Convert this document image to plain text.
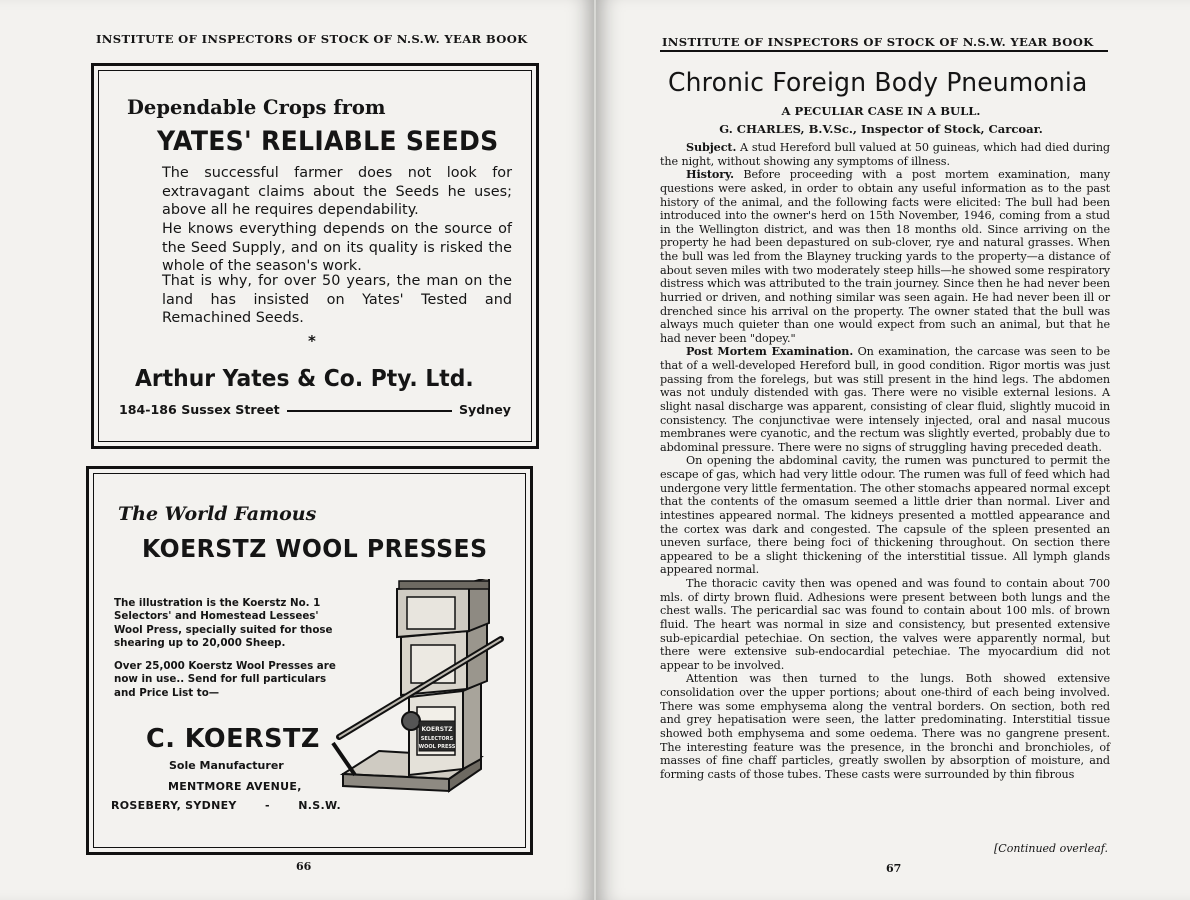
INSTITUTE OF INSPECTORS OF STOCK OF N.S.W. YEAR BOOK
Dependable Crops from
YATES' RELIABLE SEEDS
The successful farmer does not look for extravagant claims about the Seeds he uses; above all he requires dependability.
He knows everything depends on the source of the Seed Supply, and on its quality is risked the whole of the season's work.
That is why, for over 50 years, the man on the land has insisted on Yates' Tested and Remachined Seeds.
*
Arthur Yates & Co. Pty. Ltd.
184-186 Sussex Street	Sydney
The World Famous
KOERSTZ WOOL PRESSES
The illustration is the Koerstz No. 1 Selectors' and Homestead Lessees' Wool Press, specially suited for those shearing up to 20,000 Sheep.
Over 25,000 Koerstz Wool Presses are now in use.. Send for full particulars and Price List to—
C. KOERSTZ
Sole Manufacturer
MENTMORE AVENUE,
ROSEBERY, SYDNEY	-	N.S.W.
KOERSTZ
SELECTORS
WOOL PRESS
66
INSTITUTE OF INSPECTORS OF STOCK OF N.S.W. YEAR BOOK
Chronic Foreign Body Pneumonia
A PECULIAR CASE IN A BULL.
G. CHARLES, B.V.Sc., Inspector of Stock, Carcoar.

Subject. A stud Hereford bull valued at 50 guineas, which had died during the night, without showing any symptoms of illness.

History. Before proceeding with a post mortem examination, many questions were asked, in order to obtain any useful information as to the past history of the animal, and the following facts were elicited: The bull had been introduced into the owner's herd on 15th November, 1946, coming from a stud in the Wellington district, and was then 18 months old. Since arriving on the property he had been depastured on sub-clover, rye and natural grasses. When the bull was led from the Blayney trucking yards to the property—a distance of about seven miles with two moderately steep hills—he showed some respiratory distress which was attributed to the train journey. Since then he had never been hurried or driven, and nothing similar was seen again. He had never been ill or drenched since his arrival on the property. The owner stated that the bull was always much quieter than one would expect from such an animal, but that he had never been "dopey."

Post Mortem Examination. On examination, the carcase was seen to be that of a well-developed Hereford bull, in good condition. Rigor mortis was just passing from the forelegs, but was still present in the hind legs. The abdomen was not unduly distended with gas. There were no visible external lesions. A slight nasal discharge was apparent, consisting of clear fluid, slightly mucoid in consistency. The conjunctivae were intensely injected, oral and nasal mucous membranes were cyanotic, and the rectum was slightly everted, probably due to abdominal pressure. There were no signs of struggling having preceded death.

On opening the abdominal cavity, the rumen was punctured to permit the escape of gas, which had very little odour. The rumen was full of feed which had undergone very little fermentation. The other stomachs appeared normal except that the contents of the omasum seemed a little drier than normal. Liver and intestines appeared normal. The kidneys presented a mottled appearance and the cortex was dark and congested. The capsule of the spleen presented an uneven surface, there being foci of thickening throughout. On section there appeared to be a slight thickening of the interstitial tissue. All lymph glands appeared normal.

The thoracic cavity then was opened and was found to contain about 700 mls. of dirty brown fluid. Adhesions were present between both lungs and the chest walls. The pericardial sac was found to contain about 100 mls. of brown fluid. The heart was normal in size and consistency, but presented extensive sub-epicardial petechiae. On section, the valves were apparently normal, but there were extensive sub-endocardial petechiae. The myocardium did not appear to be involved.

Attention was then turned to the lungs. Both showed extensive consolidation over the upper portions; about one-third of each being involved. There was some emphysema along the ventral borders. On section, both red and grey hepatisation were seen, the latter predominating. Interstitial tissue showed both emphysema and some oedema. There was no gangrene present. The interesting feature was the presence, in the bronchi and bronchioles, of masses of fine chaff particles, greatly swollen by absorption of moisture, and forming casts of those tubes. These casts were surrounded by thin fibrous

[Continued overleaf.
67
